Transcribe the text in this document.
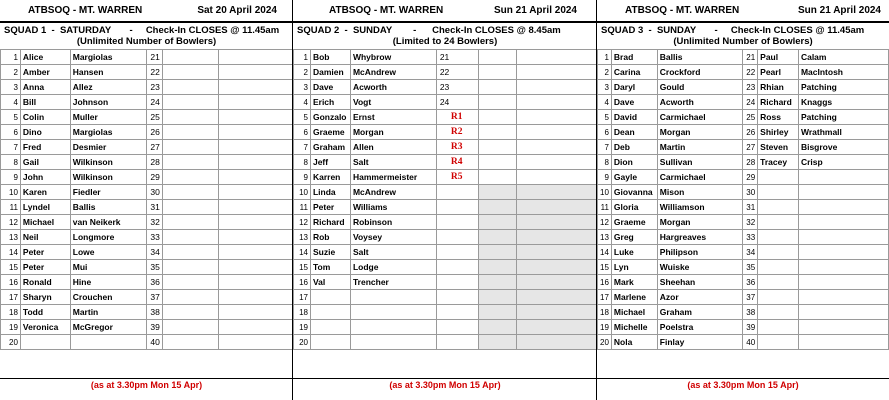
ATBSOQ - MT. WARREN	Sat 20 April 2024
SQUAD 1  -  SATURDAY       -     Check-In CLOSES @ 11.45am
(Unlimited Number of Bowlers)
1	Alice	Margiolas	21		
2	Amber	Hansen	22		
3	Anna	Allez	23		
4	Bill	Johnson	24		
5	Colin	Muller	25		
6	Dino	Margiolas	26		
7	Fred	Desmier	27		
8	Gail	Wilkinson	28		
9	John	Wilkinson	29		
10	Karen	Fiedler	30		
11	Lyndel	Ballis	31		
12	Michael	van Neikerk	32		
13	Neil	Longmore	33		
14	Peter	Lowe	34		
15	Peter	Mui	35		
16	Ronald	Hine	36		
17	Sharyn	Crouchen	37		
18	Todd	Martin	38		
19	Veronica	McGregor	39		
20			40		
(as at 3.30pm Mon 15 Apr)
ATBSOQ - MT. WARREN	Sun 21 April 2024
SQUAD 2  -  SUNDAY        -      Check-In CLOSES @ 8.45am
(Limited to 24 Bowlers)
1	Bob	Whybrow	21		
2	Damien	McAndrew	22		
3	Dave	Acworth	23		
4	Erich	Vogt	24		
5	Gonzalo	Ernst	R1		
6	Graeme	Morgan	R2		
7	Graham	Allen	R3		
8	Jeff	Salt	R4		
9	Karren	Hammermeister	R5		
10	Linda	McAndrew			
11	Peter	Williams			
12	Richard	Robinson			
13	Rob	Voysey			
14	Suzie	Salt			
15	Tom	Lodge			
16	Val	Trencher			
17					
18					
19					
20					
(as at 3.30pm Mon 15 Apr)
ATBSOQ - MT. WARREN	Sun 21 April 2024
SQUAD 3  -  SUNDAY       -     Check-In CLOSES @ 11.45am
(Unlimited Number of Bowlers)
1	Brad	Ballis	21	Paul	Calam
2	Carina	Crockford	22	Pearl	MacIntosh
3	Daryl	Gould	23	Rhian	Patching
4	Dave	Acworth	24	Richard	Knaggs
5	David	Carmichael	25	Ross	Patching
6	Dean	Morgan	26	Shirley	Wrathmall
7	Deb	Martin	27	Steven	Bisgrove
8	Dion	Sullivan	28	Tracey	Crisp
9	Gayle	Carmichael	29		
10	Giovanna	Mison	30		
11	Gloria	Williamson	31		
12	Graeme	Morgan	32		
13	Greg	Hargreaves	33		
14	Luke	Philipson	34		
15	Lyn	Wuiske	35		
16	Mark	Sheehan	36		
17	Marlene	Azor	37		
18	Michael	Graham	38		
19	Michelle	Poelstra	39		
20	Nola	Finlay	40		
(as at 3.30pm Mon 15 Apr)
